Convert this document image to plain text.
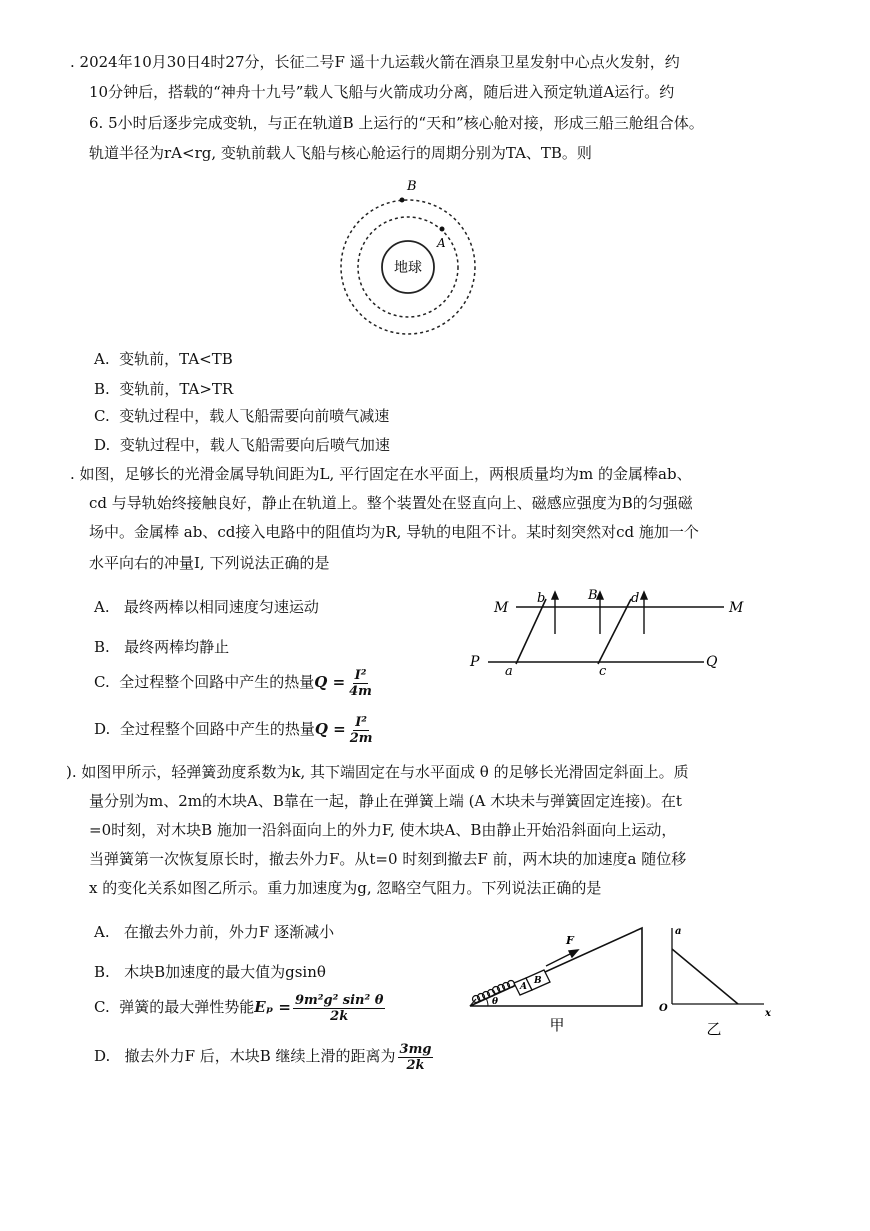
. 2024年10月30日4时27分，长征二号F 遥十九运载火箭在酒泉卫星发射中心点火发射，约
10分钟后，搭载的“神舟十九号”载人飞船与火箭成功分离，随后进入预定轨道A运行。约
6. 5小时后逐步完成变轨，与正在轨道B 上运行的“天和”核心舱对接，形成三船三舱组合体。
轨道半径为rA<rg, 变轨前载人飞船与核心舱运行的周期分别为TA、TB。则
地球
B
A
A. 变轨前，TA<TB
B. 变轨前，TA>TR
C. 变轨过程中，载人飞船需要向前喷气减速
D. 变轨过程中，载人飞船需要向后喷气加速
. 如图，足够长的光滑金属导轨间距为L, 平行固定在水平面上，两根质量均为m 的金属棒ab、
cd 与导轨始终接触良好，静止在轨道上。整个装置处在竖直向上、磁感应强度为B的匀强磁
场中。金属棒 ab、cd接入电路中的阻值均为R, 导轨的电阻不计。某时刻突然对cd 施加一个
水平向右的冲量I, 下列说法正确的是
A. 最终两棒以相同速度匀速运动
B. 最终两棒均静止
C. 全过程整个回路中产生的热量$Q = \frac{\text{I²}}{4m}$
D. 全过程整个回路中产生的热量$Q = \frac{\text{I²}}{2m}$
M	M
P	Q
b	d
a	c
B
). 如图甲所示，轻弹簧劲度系数为k, 其下端固定在与水平面成 θ 的足够长光滑固定斜面上。质
量分别为m、2m的木块A、B靠在一起，静止在弹簧上端 (A 木块未与弹簧固定连接)。在t
=0时刻，对木块B 施加一沿斜面向上的外力F, 使木块A、B由静止开始沿斜面向上运动，
当弹簧第一次恢复原长时，撤去外力F。从t=0 时刻到撤去F 前，两木块的加速度a 随位移
x 的变化关系如图乙所示。重力加速度为g, 忽略空气阻力。下列说法正确的是
A. 在撤去外力前，外力F 逐渐减小
B. 木块B加速度的最大值为gsinθ
C. 弹簧的最大弹性势能$E_p = \frac{\text{9m²g² sin² θ}}{2k}$
D. 撤去外力F 后，木块B 继续上滑的距离为 $\frac{3mg}{2k}$
A
B
F
θ
甲
a
x
O
乙
